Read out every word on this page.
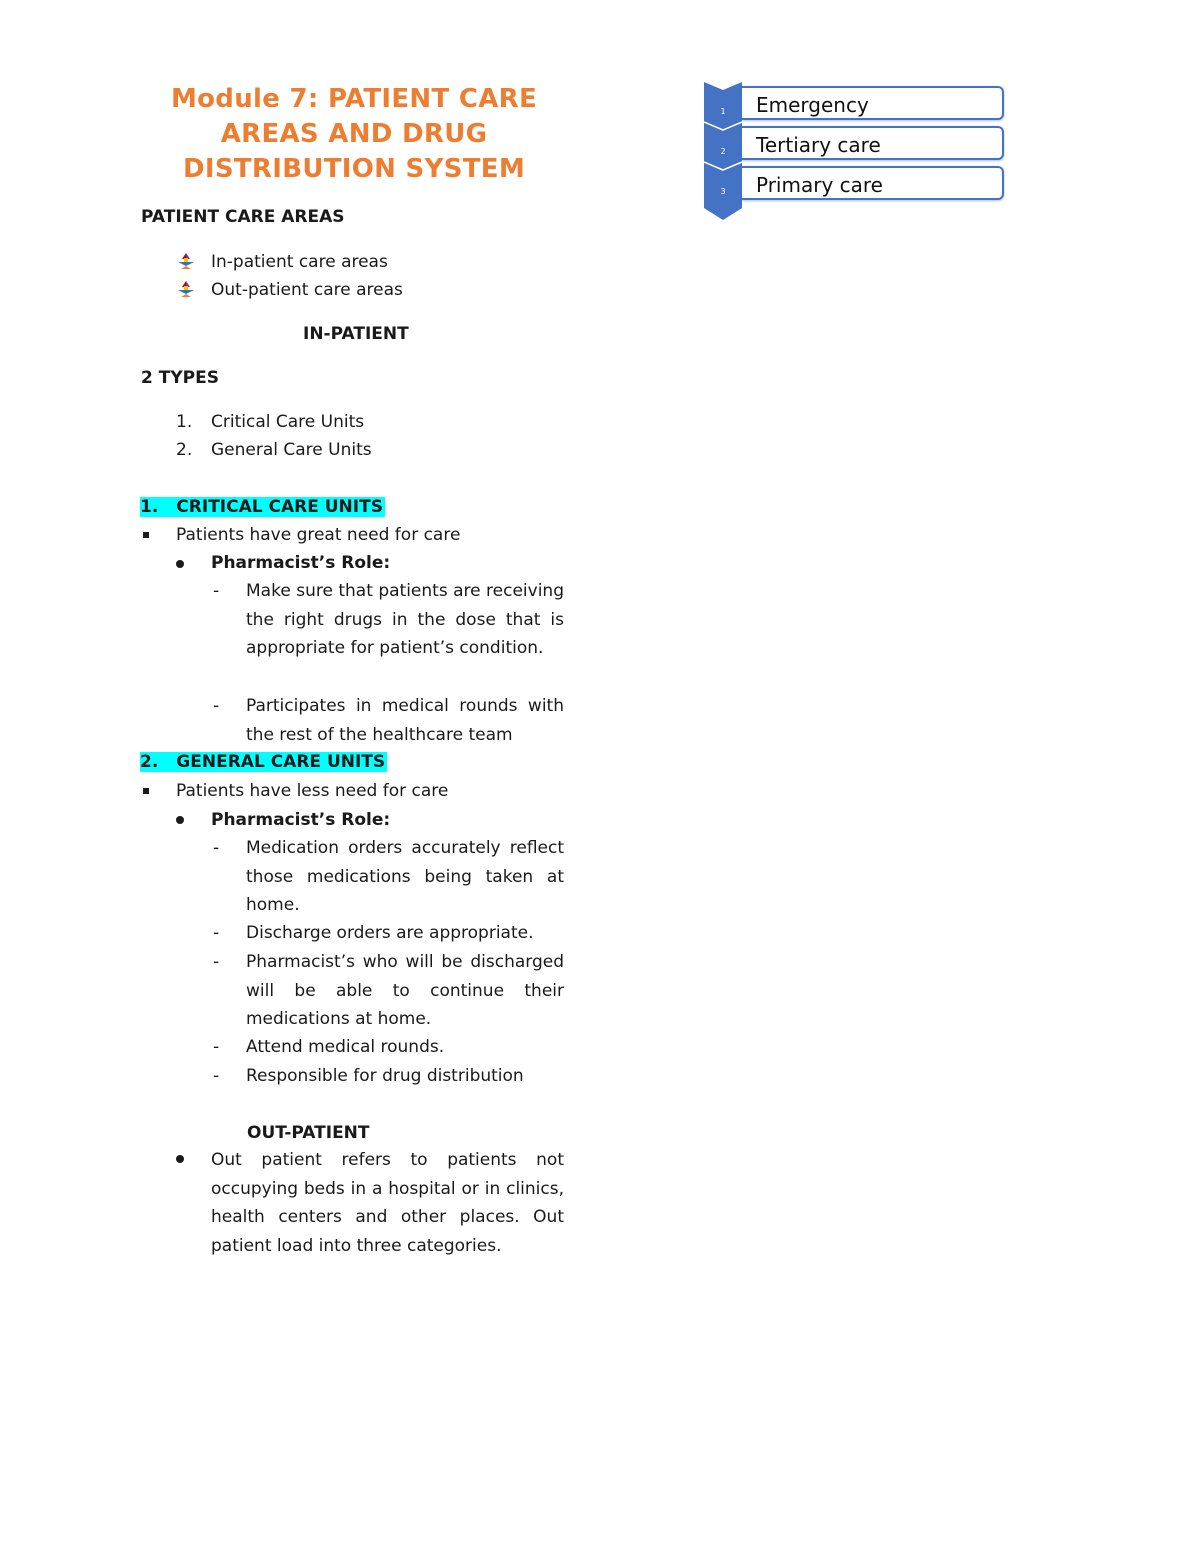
Module 7: PATIENT CARE
AREAS AND DRUG
DISTRIBUTION SYSTEM
PATIENT CARE AREAS
In-patient care areas
Out-patient care areas
IN-PATIENT
2 TYPES
1. Critical Care Units
2. General Care Units
1. CRITICAL CARE UNITS
Patients have great need for care
Pharmacist’s Role:
- Make sure that patients are receiving the right drugs in the dose that is appropriate for patient’s condition.
- Participates in medical rounds with the rest of the healthcare team
2. GENERAL CARE UNITS
Patients have less need for care
Pharmacist’s Role:
- Medication orders accurately reflect those medications being taken at home.
- Discharge orders are appropriate.
- Pharmacist’s who will be discharged will be able to continue their medications at home.
- Attend medical rounds.
- Responsible for drug distribution
OUT-PATIENT
Out patient refers to patients not occupying beds in a hospital or in clinics, health centers and other places. Out patient load into three categories.
1
2
3
Emergency
Tertiary care
Primary care
